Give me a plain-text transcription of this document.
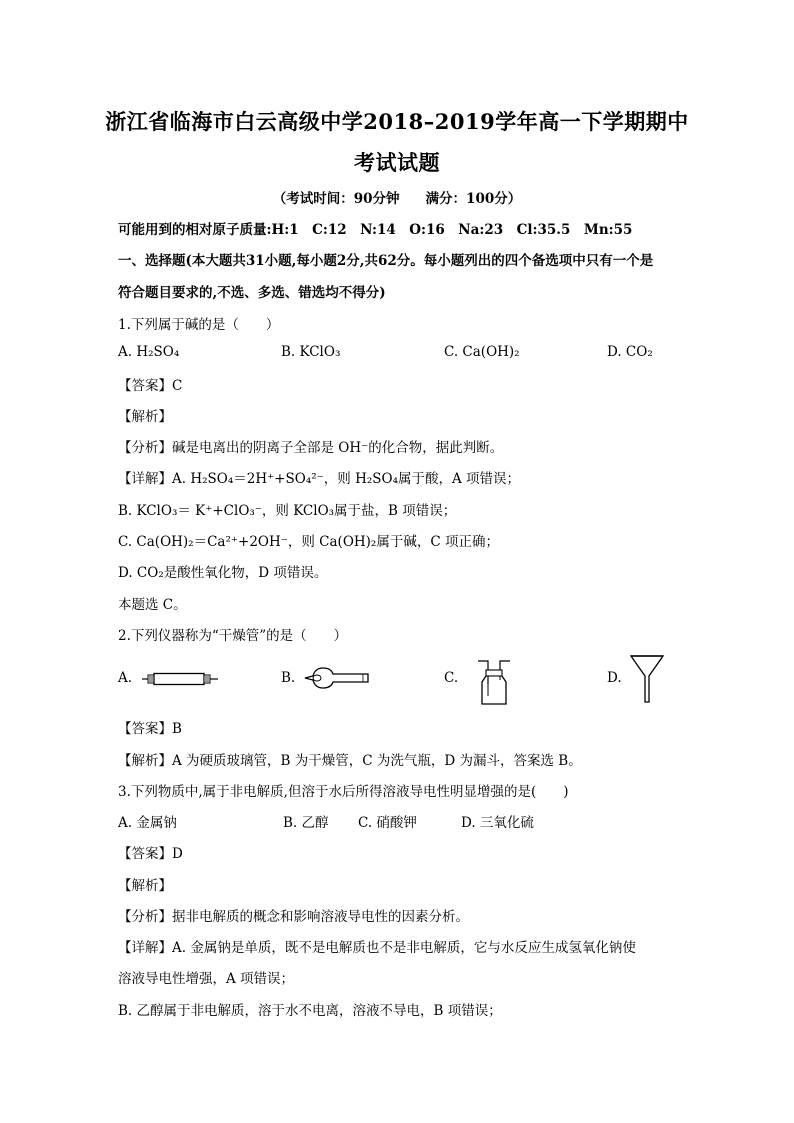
浙江省临海市白云高级中学2018–2019学年高一下学期期中
考试试题
（考试时间：90分钟 满分：100分）
可能用到的相对原子质量:H:1　C:12　N:14　O:16　Na:23　Cl:35.5　Mn:55
一、选择题(本大题共31小题,每小题2分,共62分。每小题列出的四个备选项中只有一个是
符合题目要求的,不选、多选、错选均不得分)
1.下列属于碱的是（　　）
A. H₂SO₄	B. KClO₃	C. Ca(OH)₂	D. CO₂
【答案】C
【解析】
【分析】碱是电离出的阴离子全部是 OH⁻的化合物，据此判断。
【详解】A. H₂SO₄＝2H⁺+SO₄²⁻，则 H₂SO₄属于酸，A 项错误；
B. KClO₃＝ K⁺+ClO₃⁻，则 KClO₃属于盐，B 项错误；
C. Ca(OH)₂＝Ca²⁺+2OH⁻，则 Ca(OH)₂属于碱，C 项正确；
D. CO₂是酸性氧化物，D 项错误。
本题选 C。
2.下列仪器称为“干燥管”的是（　　）
A.	B.	C.	D.
【答案】B
【解析】A 为硬质玻璃管，B 为干燥管，C 为洗气瓶，D 为漏斗，答案选 B。
3.下列物质中,属于非电解质,但溶于水后所得溶液导电性明显增强的是(　　)
A. 金属钠	B. 乙醇 C. 硝酸钾	D. 三氧化硫
【答案】D
【解析】
【分析】据非电解质的概念和影响溶液导电性的因素分析。
【详解】A. 金属钠是单质，既不是电解质也不是非电解质，它与水反应生成氢氧化钠使
溶液导电性增强，A 项错误；
B. 乙醇属于非电解质，溶于水不电离，溶液不导电，B 项错误；
